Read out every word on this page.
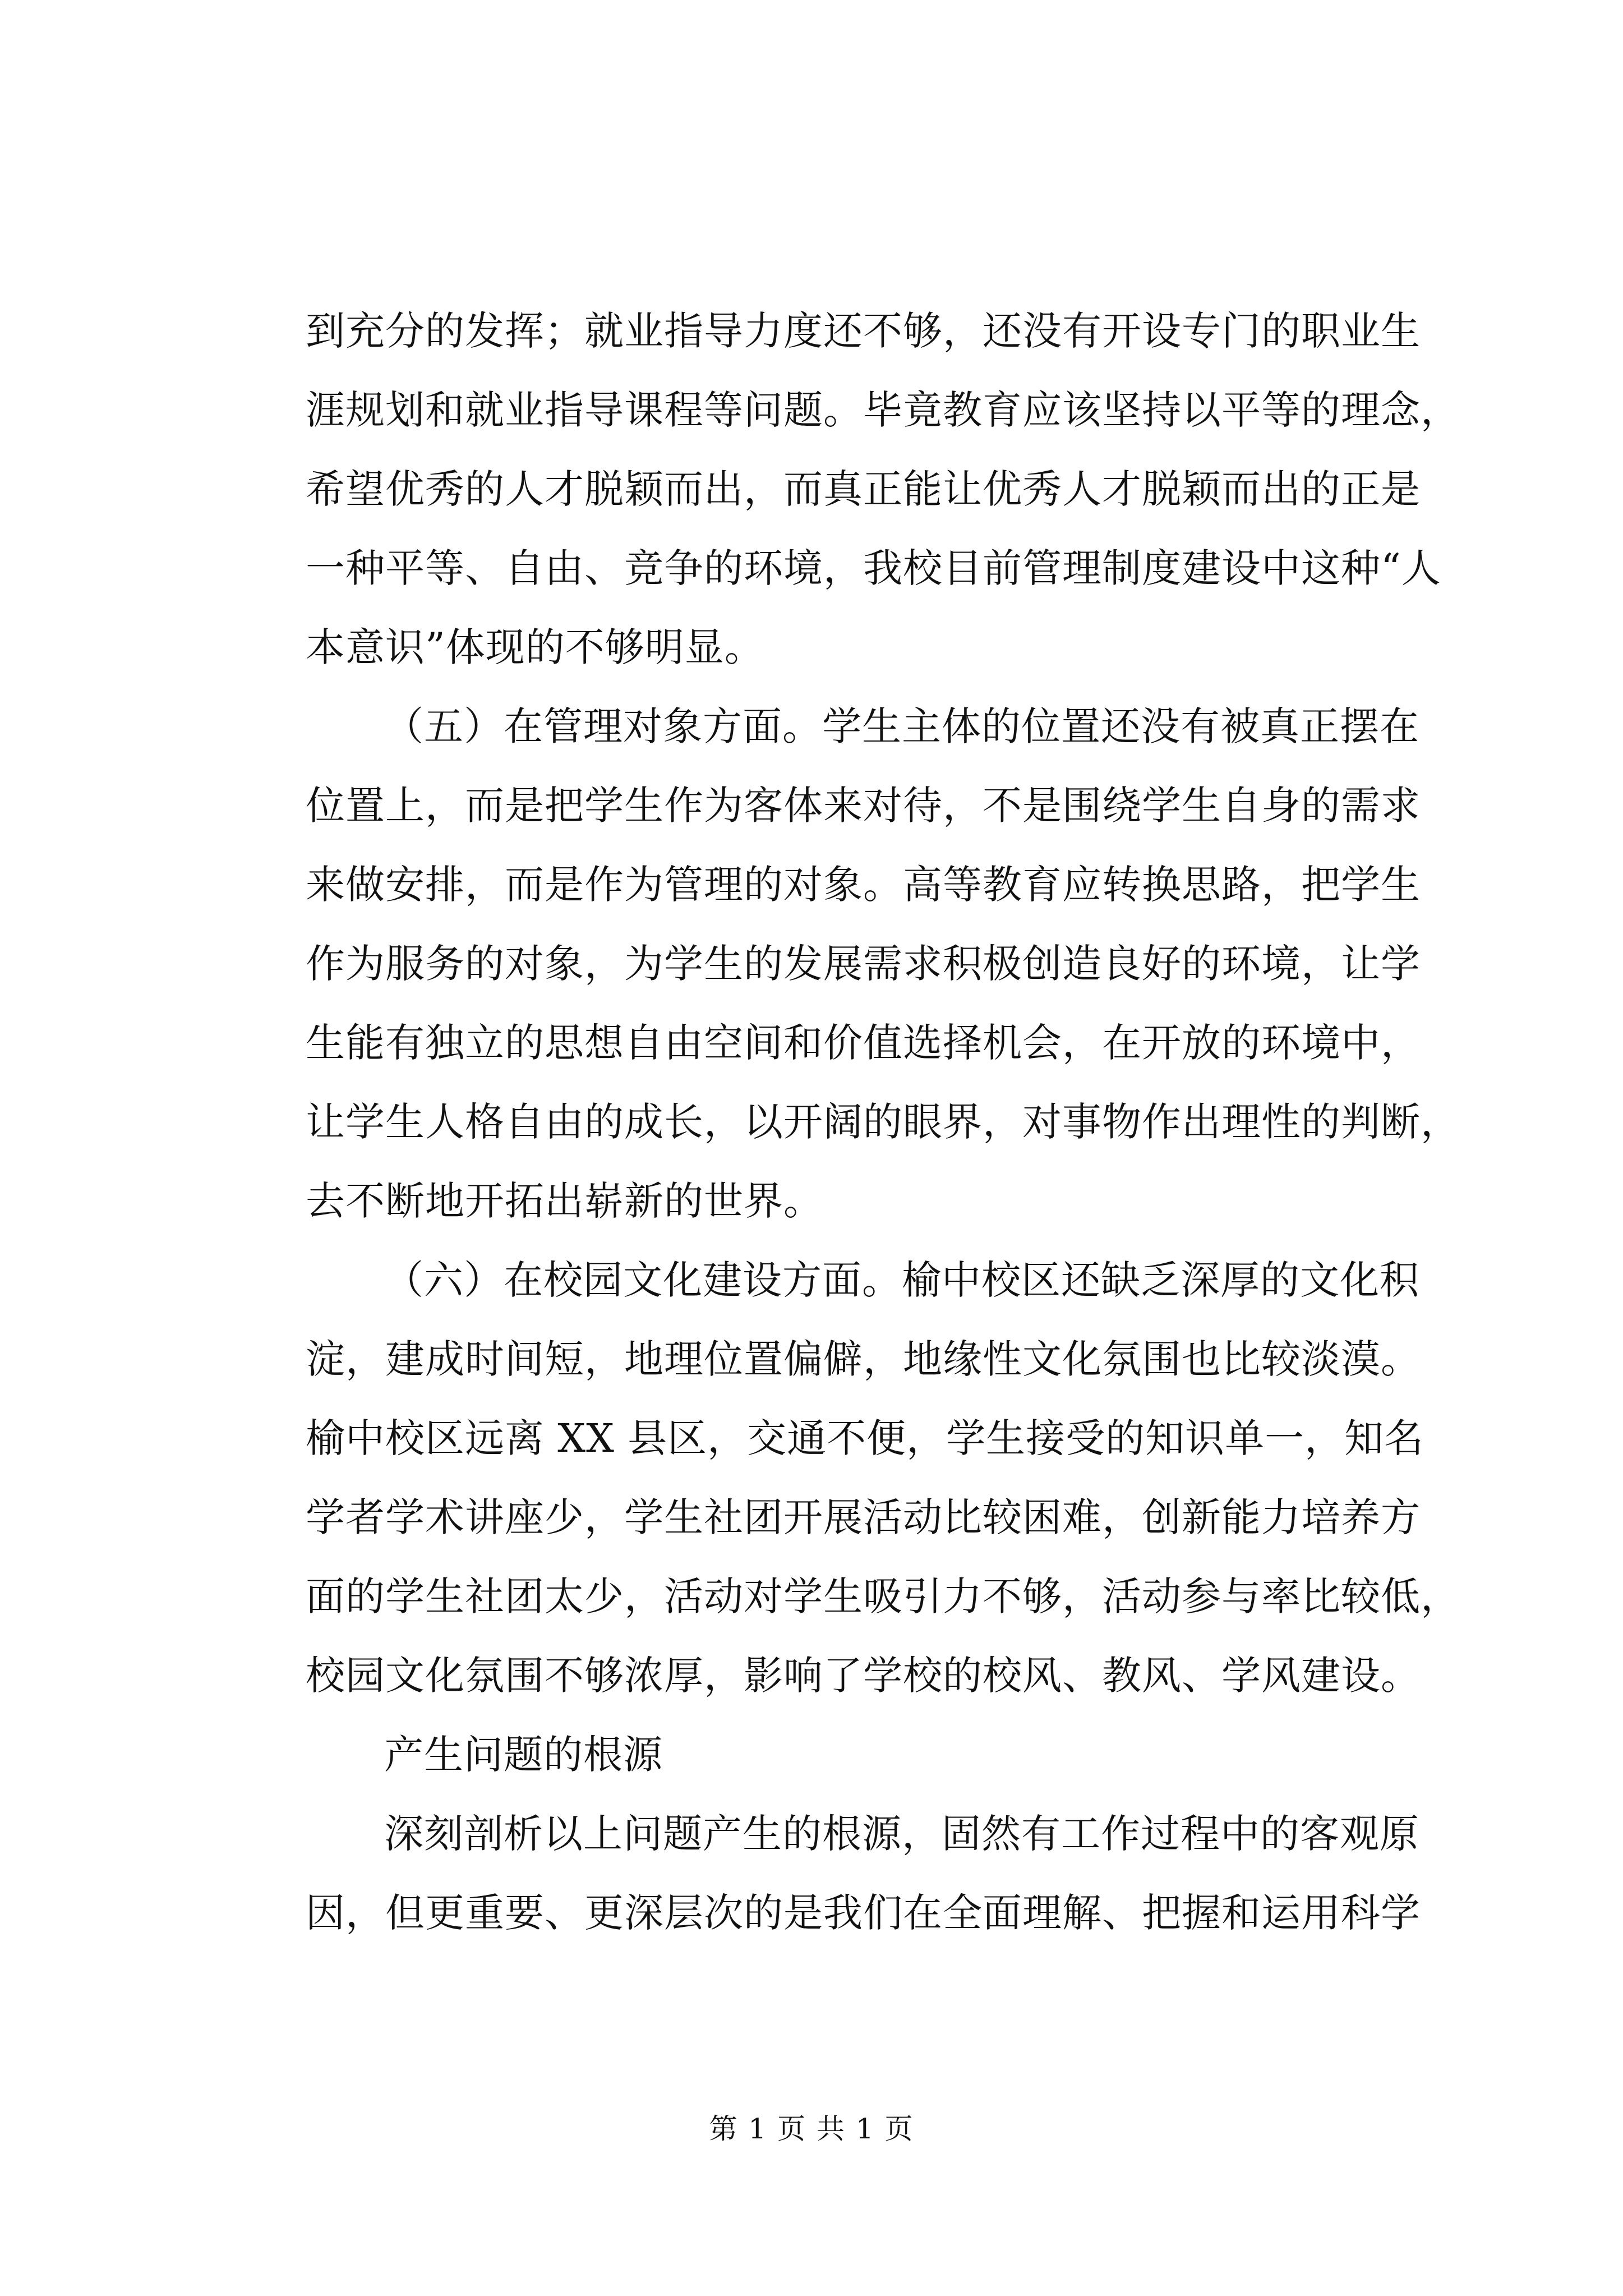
到充分的发挥；就业指导力度还不够，还没有开设专门的职业生
涯规划和就业指导课程等问题。毕竟教育应该坚持以平等的理念，
希望优秀的人才脱颖而出，而真正能让优秀人才脱颖而出的正是
一种平等、自由、竞争的环境，我校目前管理制度建设中这种“人
本意识”体现的不够明显。
（五）在管理对象方面。学生主体的位置还没有被真正摆在
位置上，而是把学生作为客体来对待，不是围绕学生自身的需求
来做安排，而是作为管理的对象。高等教育应转换思路，把学生
作为服务的对象，为学生的发展需求积极创造良好的环境，让学
生能有独立的思想自由空间和价值选择机会，在开放的环境中，
让学生人格自由的成长，以开阔的眼界，对事物作出理性的判断，
去不断地开拓出崭新的世界。
（六）在校园文化建设方面。榆中校区还缺乏深厚的文化积
淀，建成时间短，地理位置偏僻，地缘性文化氛围也比较淡漠。
榆中校区远离 XX 县区，交通不便，学生接受的知识单一，知名
学者学术讲座少，学生社团开展活动比较困难，创新能力培养方
面的学生社团太少，活动对学生吸引力不够，活动参与率比较低，
校园文化氛围不够浓厚，影响了学校的校风、教风、学风建设。
产生问题的根源
深刻剖析以上问题产生的根源，固然有工作过程中的客观原
因，但更重要、更深层次的是我们在全面理解、把握和运用科学
第 1 页 共 1 页
